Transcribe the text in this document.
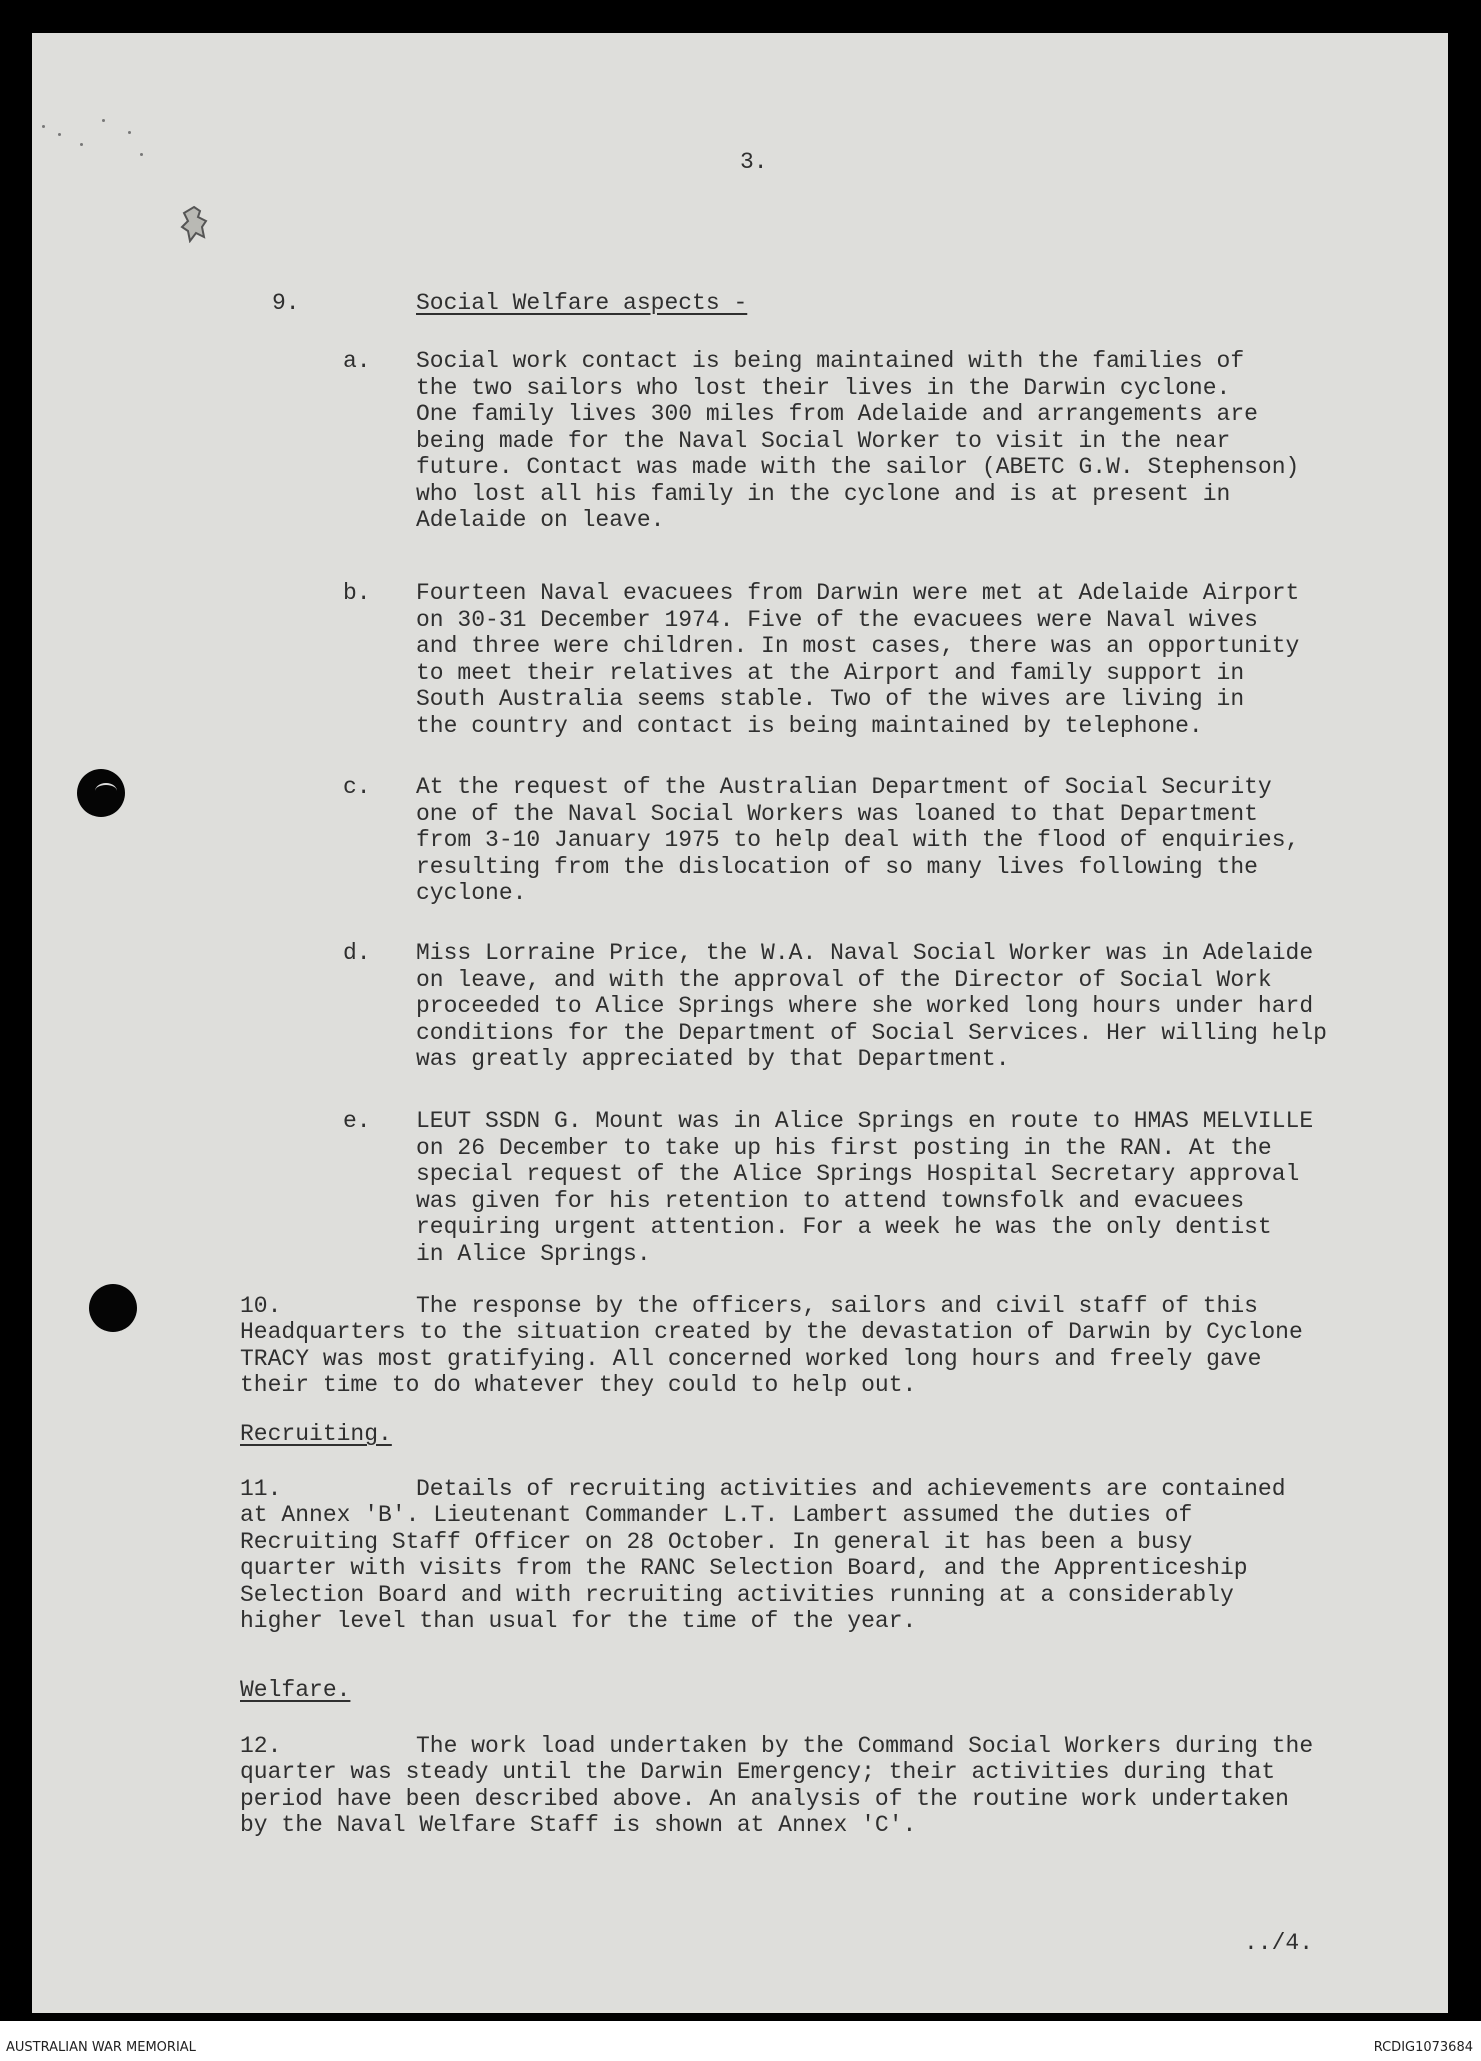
3.
9.	Social Welfare aspects -
a. Social work contact is being maintained with the families of

the two sailors who lost their lives in the Darwin cyclone.

One family lives 300 miles from Adelaide and arrangements are

being made for the Naval Social Worker to visit in the near

future. Contact was made with the sailor (ABETC G.W. Stephenson)

who lost all his family in the cyclone and is at present in

Adelaide on leave.

b. Fourteen Naval evacuees from Darwin were met at Adelaide Airport

on 30-31 December 1974. Five of the evacuees were Naval wives

and three were children. In most cases, there was an opportunity

to meet their relatives at the Airport and family support in

South Australia seems stable. Two of the wives are living in

the country and contact is being maintained by telephone.

c. At the request of the Australian Department of Social Security

one of the Naval Social Workers was loaned to that Department

from 3-10 January 1975 to help deal with the flood of enquiries,

resulting from the dislocation of so many lives following the

cyclone.

d. Miss Lorraine Price, the W.A. Naval Social Worker was in Adelaide

on leave, and with the approval of the Director of Social Work

proceeded to Alice Springs where she worked long hours under hard

conditions for the Department of Social Services. Her willing help

was greatly appreciated by that Department.

e. LEUT SSDN G. Mount was in Alice Springs en route to HMAS MELVILLE

on 26 December to take up his first posting in the RAN. At the

special request of the Alice Springs Hospital Secretary approval

was given for his retention to attend townsfolk and evacuees

requiring urgent attention. For a week he was the only dentist

in Alice Springs.

10.	The response by the officers, sailors and civil staff of this

Headquarters to the situation created by the devastation of Darwin by Cyclone

TRACY was most gratifying. All concerned worked long hours and freely gave

their time to do whatever they could to help out.

Recruiting.
11.	Details of recruiting activities and achievements are contained

at Annex 'B'. Lieutenant Commander L.T. Lambert assumed the duties of

Recruiting Staff Officer on 28 October. In general it has been a busy

quarter with visits from the RANC Selection Board, and the Apprenticeship

Selection Board and with recruiting activities running at a considerably

higher level than usual for the time of the year.

Welfare.
12.	The work load undertaken by the Command Social Workers during the

quarter was steady until the Darwin Emergency; their activities during that

period have been described above. An analysis of the routine work undertaken

by the Naval Welfare Staff is shown at Annex 'C'.

../4.
AUSTRALIAN WAR MEMORIAL	RCDIG1073684
